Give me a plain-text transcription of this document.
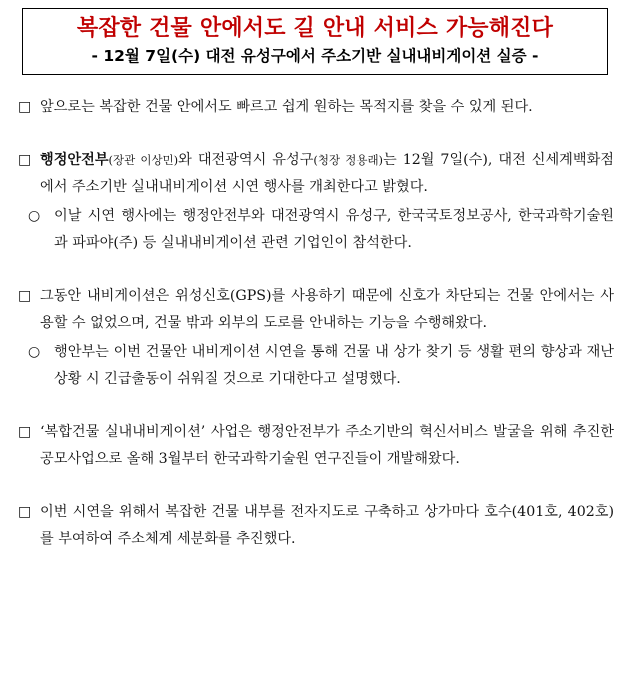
복잡한 건물 안에서도 길 안내 서비스 가능해진다
- 12월 7일(수) 대전 유성구에서 주소기반 실내내비게이션 실증 -
□ 앞으로는 복잡한 건물 안에서도 빠르고 쉽게 원하는 목적지를 찾을 수 있게 된다.
□ 행정안전부(장관 이상민)와 대전광역시 유성구(청장 정용래)는 12월 7일(수), 대전 신세계백화점에서 주소기반 실내내비게이션 시연 행사를 개최한다고 밝혔다.
○ 이날 시연 행사에는 행정안전부와 대전광역시 유성구, 한국국토정보공사, 한국과학기술원과 파파야(주) 등 실내내비게이션 관련 기업인이 참석한다.
□ 그동안 내비게이션은 위성신호(GPS)를 사용하기 때문에 신호가 차단되는 건물 안에서는 사용할 수 없었으며, 건물 밖과 외부의 도로를 안내하는 기능을 수행해왔다.
○ 행안부는 이번 건물안 내비게이션 시연을 통해 건물 내 상가 찾기 등 생활 편의 향상과 재난상황 시 긴급출동이 쉬워질 것으로 기대한다고 설명했다.
□ ‘복합건물 실내내비게이션’ 사업은 행정안전부가 주소기반의 혁신서비스 발굴을 위해 추진한 공모사업으로 올해 3월부터 한국과학기술원 연구진들이 개발해왔다.
□ 이번 시연을 위해서 복잡한 건물 내부를 전자지도로 구축하고 상가마다 호수(401호, 402호)를 부여하여 주소체계 세분화를 추진했다.
